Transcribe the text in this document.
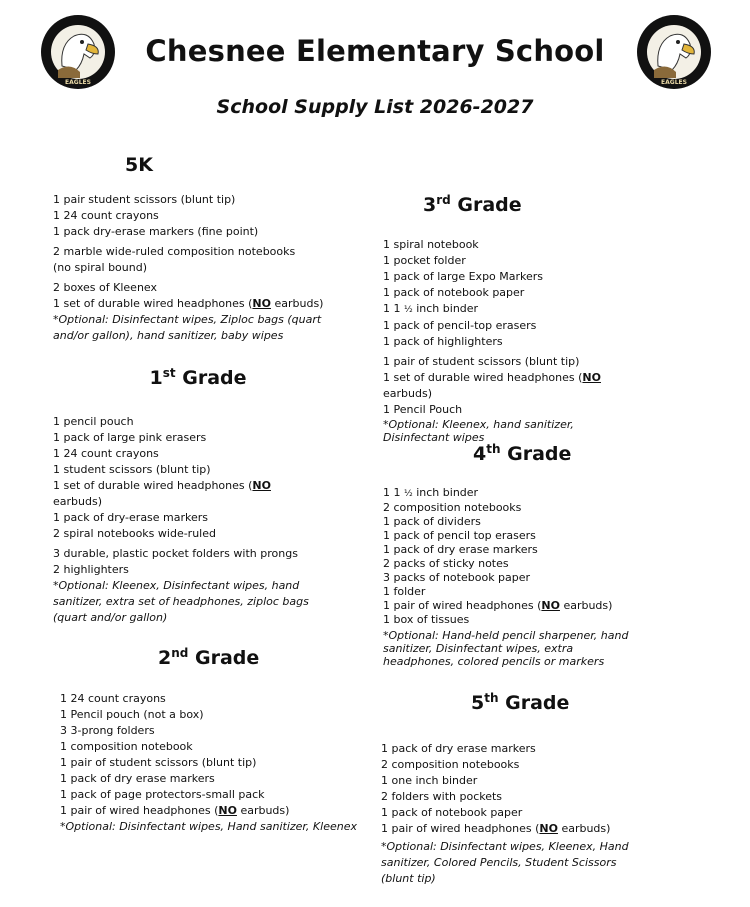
EAGLES	EAGLES
Chesnee Elementary School
School Supply List 2026-2027
5K
1 pair student scissors (blunt tip)
1 24 count crayons
1 pack dry-erase markers (fine point)
2 marble wide-ruled composition notebooks (no spiral bound)
2 boxes of Kleenex
1 set of durable wired headphones (NO earbuds)
*Optional: Disinfectant wipes, Ziploc bags (quart and/or gallon), hand sanitizer, baby wipes
1st Grade
1 pencil pouch
1 pack of large pink erasers
1 24 count crayons
1 student scissors (blunt tip)
1 set of durable wired headphones (NO earbuds)
1 pack of dry-erase markers
2 spiral notebooks wide-ruled
3 durable, plastic pocket folders with prongs
2 highlighters
*Optional: Kleenex, Disinfectant wipes, hand sanitizer, extra set of headphones, ziploc bags (quart and/or gallon)
2nd Grade
1 24 count crayons
1 Pencil pouch (not a box)
3 3-prong folders
1 composition notebook
1 pair of student scissors (blunt tip)
1 pack of dry erase markers
1 pack of page protectors-small pack
1 pair of wired headphones (NO earbuds)
*Optional: Disinfectant wipes, Hand sanitizer, Kleenex
3rd Grade
1 spiral notebook
1 pocket folder
1 pack of large Expo Markers
1 pack of notebook paper
1 1 ½ inch binder
1 pack of pencil-top erasers
1 pack of highlighters
1 pair of student scissors (blunt tip)
1 set of durable wired headphones (NO earbuds)
1 Pencil Pouch
*Optional: Kleenex, hand sanitizer, Disinfectant wipes
4th Grade
1 1 ½ inch binder
2 composition notebooks
1 pack of dividers
1 pack of pencil top erasers
1 pack of dry erase markers
2 packs of sticky notes
3 packs of notebook paper
1 folder
1 pair of wired headphones (NO earbuds)
1 box of tissues
*Optional: Hand-held pencil sharpener, hand sanitizer, Disinfectant wipes, extra headphones, colored pencils or markers
5th Grade
1 pack of dry erase markers
2 composition notebooks
1 one inch binder
2 folders with pockets
1 pack of notebook paper
1 pair of wired headphones (NO earbuds)
*Optional: Disinfectant wipes, Kleenex, Hand sanitizer, Colored Pencils, Student Scissors (blunt tip)
